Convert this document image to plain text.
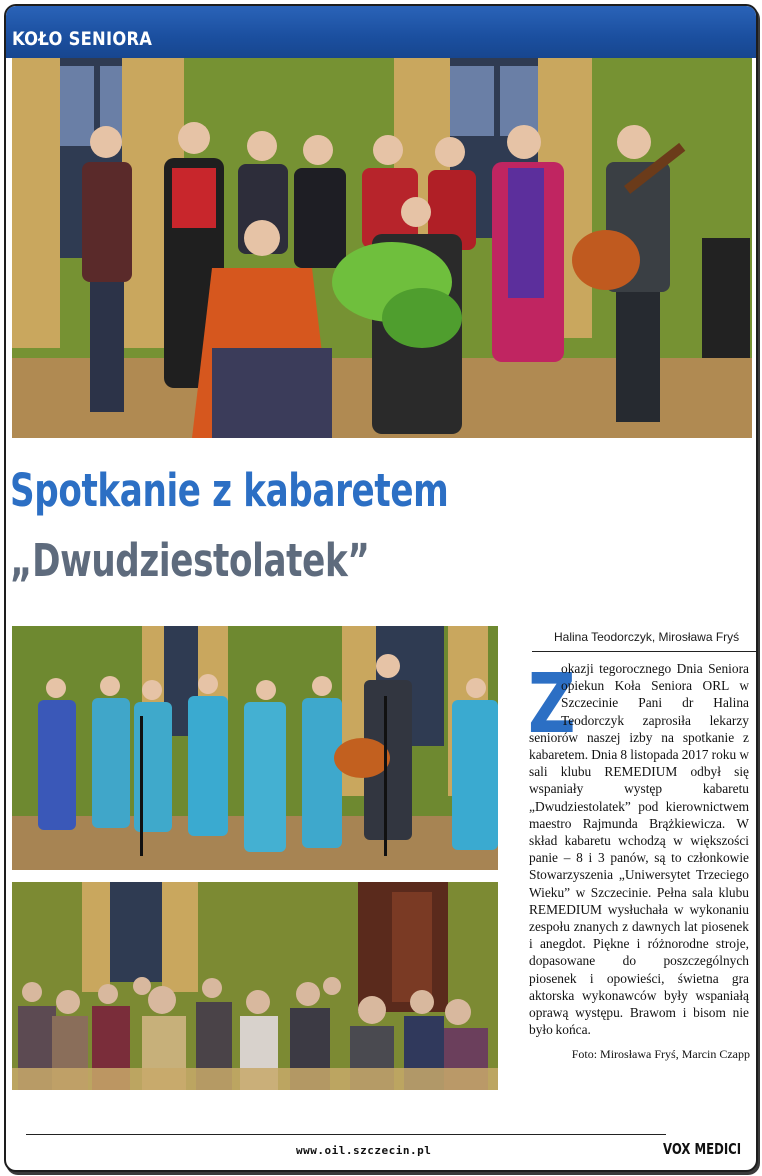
KOŁO SENIORA
Spotkanie z kabaretem
„Dwudziestolatek”
Halina Teodorczyk, Mirosława Fryś
Z

okazji tegorocznego Dnia Seniora opiekun Koła Seniora ORL w Szczecinie Pani dr Halina Teodorczyk zaprosiła lekarzy seniorów naszej izby na spotkanie z kabaretem. Dnia 8 listopada 2017 roku w sali klubu REMEDIUM odbył się wspaniały występ kabaretu „Dwudziestolatek” pod kierownictwem maestro Rajmunda Brążkiewicza. W skład kabaretu wchodzą w większości panie – 8 i 3 panów, są to członkowie Stowarzyszenia „Uniwersytet Trzeciego Wieku” w Szczecinie. Pełna sala klubu REMEDIUM wysłuchała w wykonaniu zespołu znanych z dawnych lat piosenek i anegdot. Piękne i różnorodne stroje, dopasowane do poszczególnych piosenek i opowieści, świetna gra aktorska wykonawców były wspaniałą oprawą występu. Brawom i bisom nie było końca.

Foto: Mirosława Fryś, Marcin Czapp

www.oil.szczecin.pl	VOX MEDICI
